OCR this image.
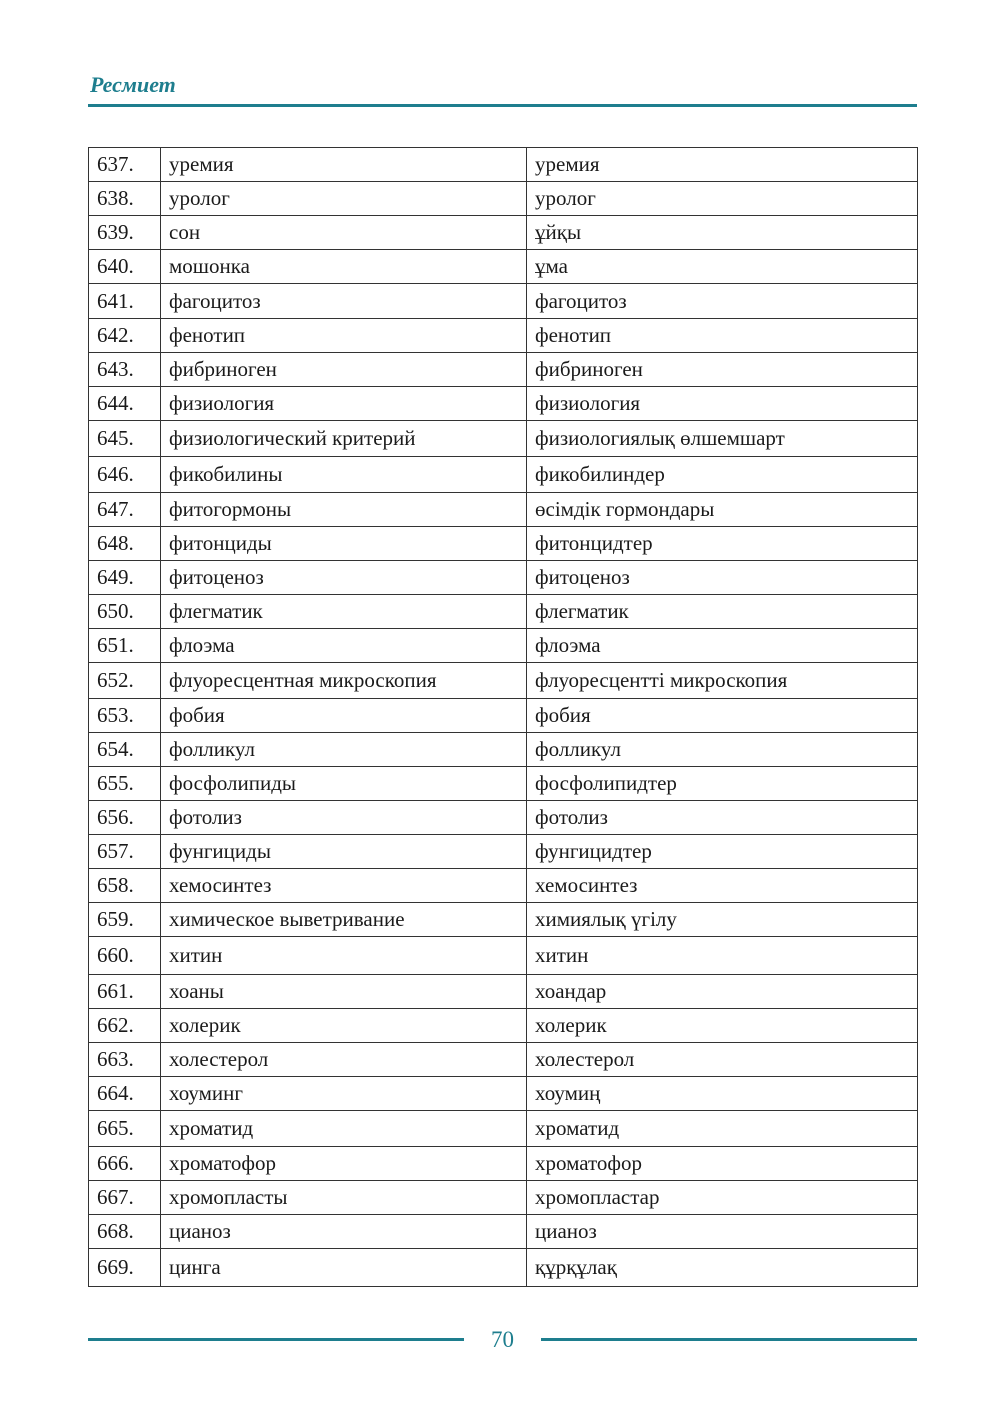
Ресмиет
637.	уремия	уремия
638.	уролог	уролог
639.	сон	ұйқы
640.	мошонка	ұма
641.	фагоцитоз	фагоцитоз
642.	фенотип	фенотип
643.	фибриноген	фибриноген
644.	физиология	физиология
645.	физиологический критерий	физиологиялық өлшемшарт
646.	фикобилины	фикобилиндер
647.	фитогормоны	өсімдік гормондары
648.	фитонциды	фитонцидтер
649.	фитоценоз	фитоценоз
650.	флегматик	флегматик
651.	флоэма	флоэма
652.	флуоресцентная микроскопия	флуоресцентті микроскопия
653.	фобия	фобия
654.	фолликул	фолликул
655.	фосфолипиды	фосфолипидтер
656.	фотолиз	фотолиз
657.	фунгициды	фунгицидтер
658.	хемосинтез	хемосинтез
659.	химическое выветривание	химиялық үгілу
660.	хитин	хитин
661.	хоаны	хоандар
662.	холерик	холерик
663.	холестерол	холестерол
664.	хоуминг	хоумиң
665.	хроматид	хроматид
666.	хроматофор	хроматофор
667.	хромопласты	хромопластар
668.	цианоз	цианоз
669.	цинга	құрқұлақ
70
